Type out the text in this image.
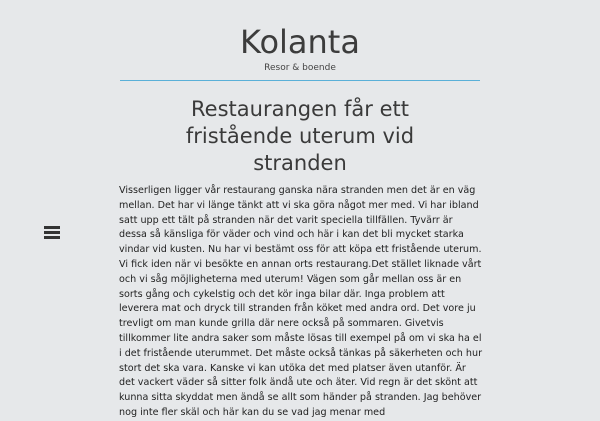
Kolanta
Resor & boende
Restaurangen får ett fristående uterum vid stranden

Visserligen ligger vår restaurang ganska nära stranden men det är en väg mellan. Det har vi länge tänkt att vi ska göra något mer med. Vi har ibland satt upp ett tält på stranden när det varit speciella tillfällen. Tyvärr är dessa så känsliga för väder och vind och här i kan det bli mycket starka vindar vid kusten. Nu har vi bestämt oss för att köpa ett fristående uterum. Vi fick iden när vi besökte en annan orts restaurang.Det stället liknade vårt och vi såg möjligheterna med uterum! Vägen som går mellan oss är en sorts gång och cykelstig och det kör inga bilar där. Inga problem att leverera mat och dryck till stranden från köket med andra ord. Det vore ju trevligt om man kunde grilla där nere också på sommaren. Givetvis tillkommer lite andra saker som måste lösas till exempel på om vi ska ha el i det fristående uterummet. Det måste också tänkas på säkerheten och hur stort det ska vara. Kanske vi kan utöka det med platser även utanför. Är det vackert väder så sitter folk ändå ute och äter. Vid regn är det skönt att kunna sitta skyddat men ändå se allt som händer på stranden. Jag behöver nog inte fler skäl och här kan du se vad jag menar med
